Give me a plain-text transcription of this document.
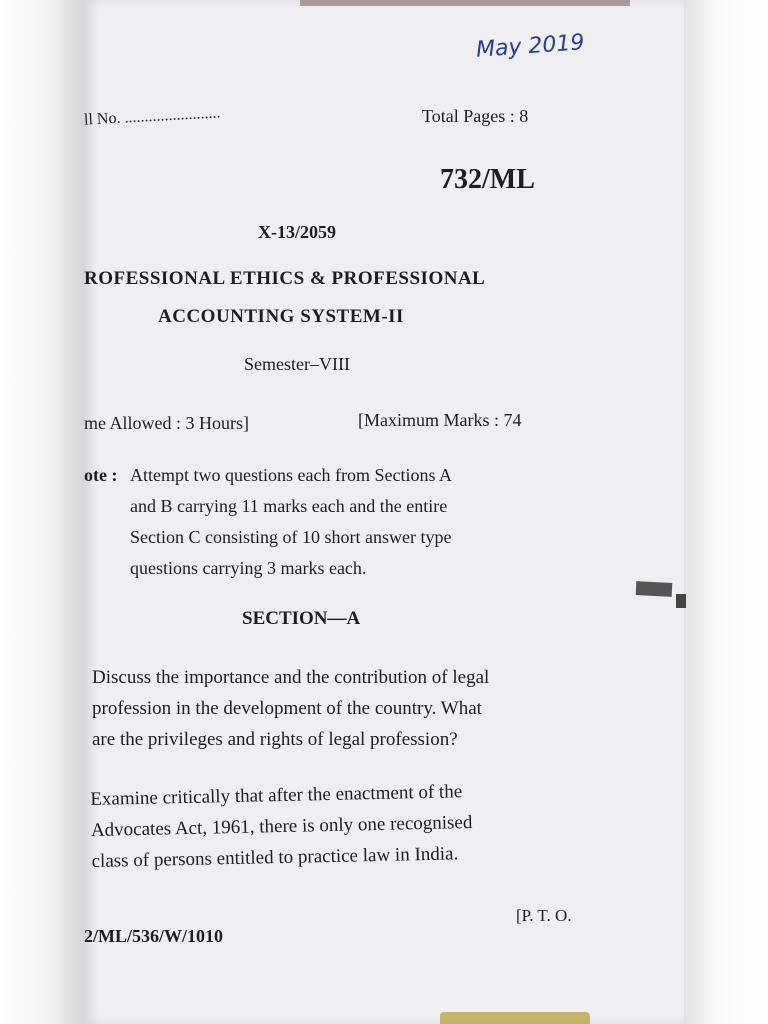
May 2019
ll No. ........................	Total Pages : 8
732/ML
X-13/2059
ROFESSIONAL ETHICS & PROFESSIONAL
ACCOUNTING SYSTEM-II
Semester–VIII
me Allowed : 3 Hours]	[Maximum Marks : 74
ote : Attempt two questions each from Sections A
and B carrying 11 marks each and the entire
Section C consisting of 10 short answer type
questions carrying 3 marks each.
SECTION—A
Discuss the importance and the contribution of legal
profession in the development of the country. What
are the privileges and rights of legal profession?
Examine critically that after the enactment of the
Advocates Act, 1961, there is only one recognised
class of persons entitled to practice law in India.
2/ML/536/W/1010
[P. T. O.
